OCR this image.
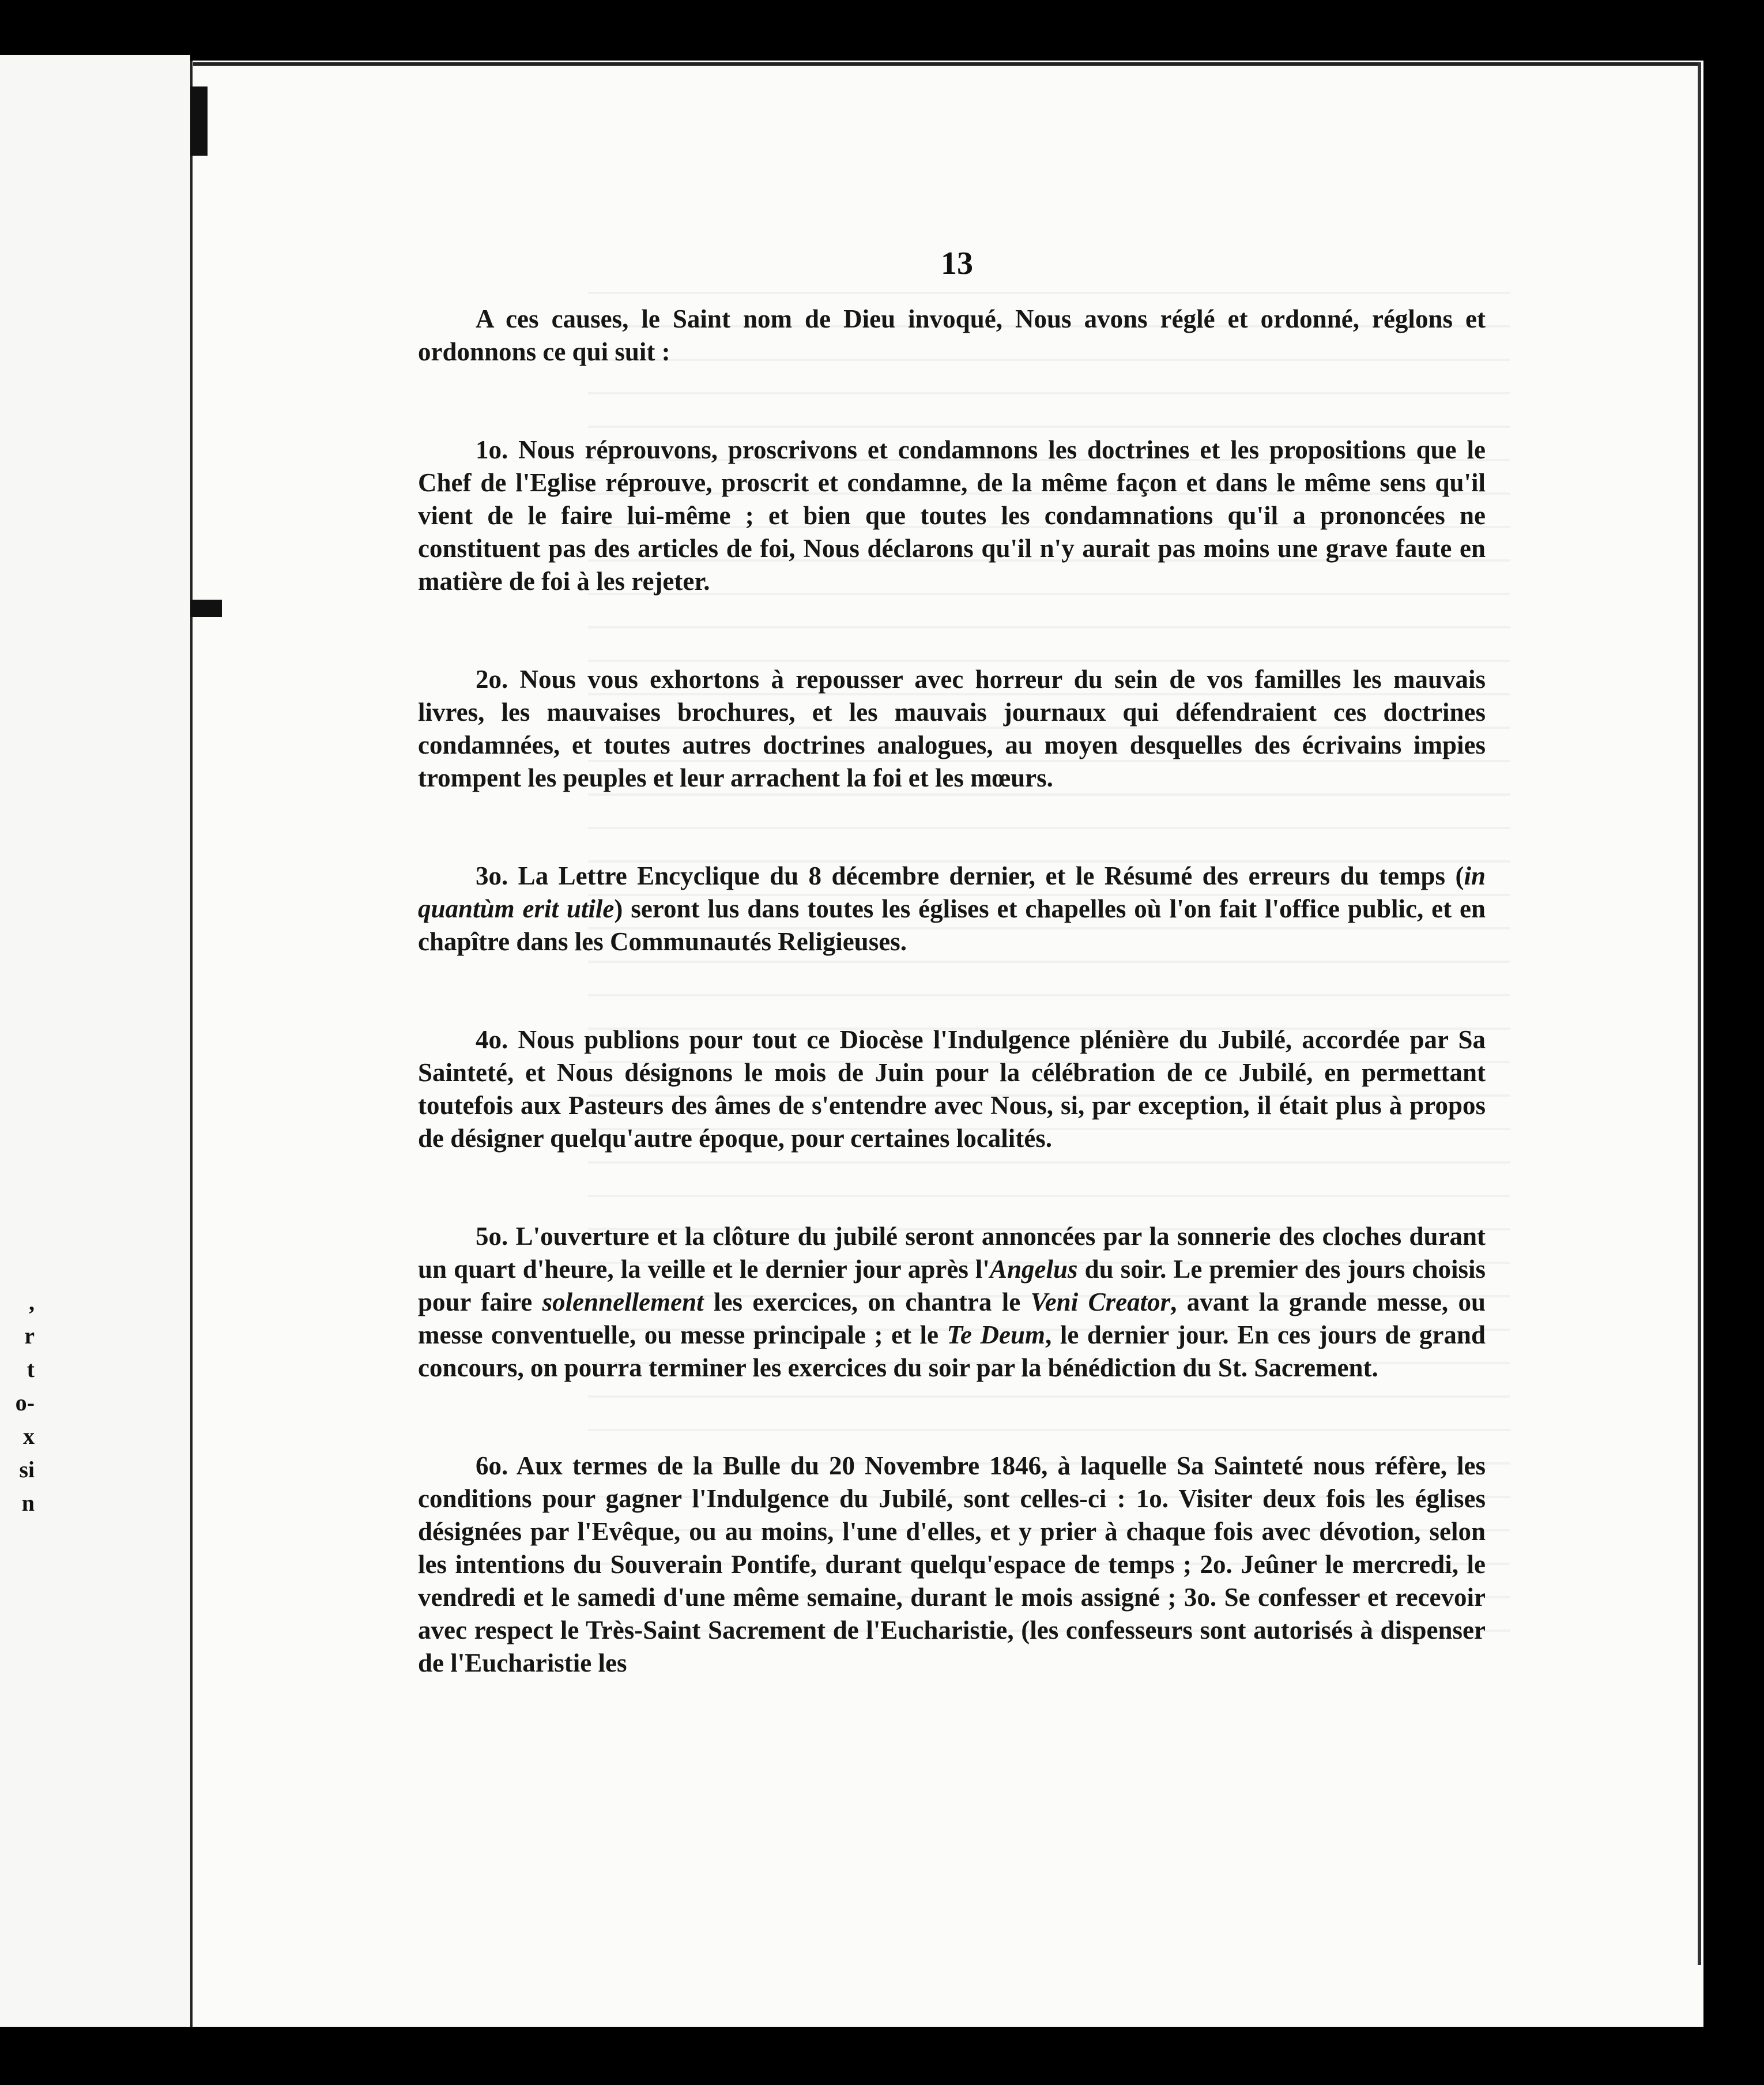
,
r
t
o-
x
si
n
13

A ces causes, le Saint nom de Dieu invoqué, Nous avons réglé et ordonné, réglons et ordonnons ce qui suit :

1o. Nous réprouvons, proscrivons et condamnons les doctrines et les propositions que le Chef de l'Eglise réprouve, proscrit et condamne, de la même façon et dans le même sens qu'il vient de le faire lui-même ; et bien que toutes les condamnations qu'il a prononcées ne constituent pas des articles de foi, Nous déclarons qu'il n'y aurait pas moins une grave faute en matière de foi à les rejeter.

2o. Nous vous exhortons à repousser avec horreur du sein de vos familles les mauvais livres, les mauvaises brochures, et les mauvais journaux qui défendraient ces doctrines condamnées, et toutes autres doctrines analogues, au moyen desquelles des écrivains impies trompent les peuples et leur arrachent la foi et les mœurs.

3o. La Lettre Encyclique du 8 décembre dernier, et le Résumé des erreurs du temps (in quantùm erit utile) seront lus dans toutes les églises et chapelles où l'on fait l'office public, et en chapître dans les Communautés Religieuses.

4o. Nous publions pour tout ce Diocèse l'Indulgence plénière du Jubilé, accordée par Sa Sainteté, et Nous désignons le mois de Juin pour la célébration de ce Jubilé, en permettant toutefois aux Pasteurs des âmes de s'entendre avec Nous, si, par exception, il était plus à propos de désigner quelqu'autre époque, pour certaines localités.

5o. L'ouverture et la clôture du jubilé seront annoncées par la sonnerie des cloches durant un quart d'heure, la veille et le dernier jour après l'Angelus du soir. Le premier des jours choisis pour faire solennellement les exercices, on chantra le Veni Creator, avant la grande messe, ou messe conventuelle, ou messe principale ; et le Te Deum, le dernier jour. En ces jours de grand concours, on pourra terminer les exercices du soir par la bénédiction du St. Sacrement.

6o. Aux termes de la Bulle du 20 Novembre 1846, à laquelle Sa Sainteté nous réfère, les conditions pour gagner l'Indulgence du Jubilé, sont celles-ci : 1o. Visiter deux fois les églises désignées par l'Evêque, ou au moins, l'une d'elles, et y prier à chaque fois avec dévotion, selon les intentions du Souverain Pontife, durant quelqu'espace de temps ; 2o. Jeûner le mercredi, le vendredi et le samedi d'une même semaine, durant le mois assigné ; 3o. Se confesser et recevoir avec respect le Très-Saint Sacrement de l'Eucharistie, (les confesseurs sont autorisés à dispenser de l'Eucharistie les
